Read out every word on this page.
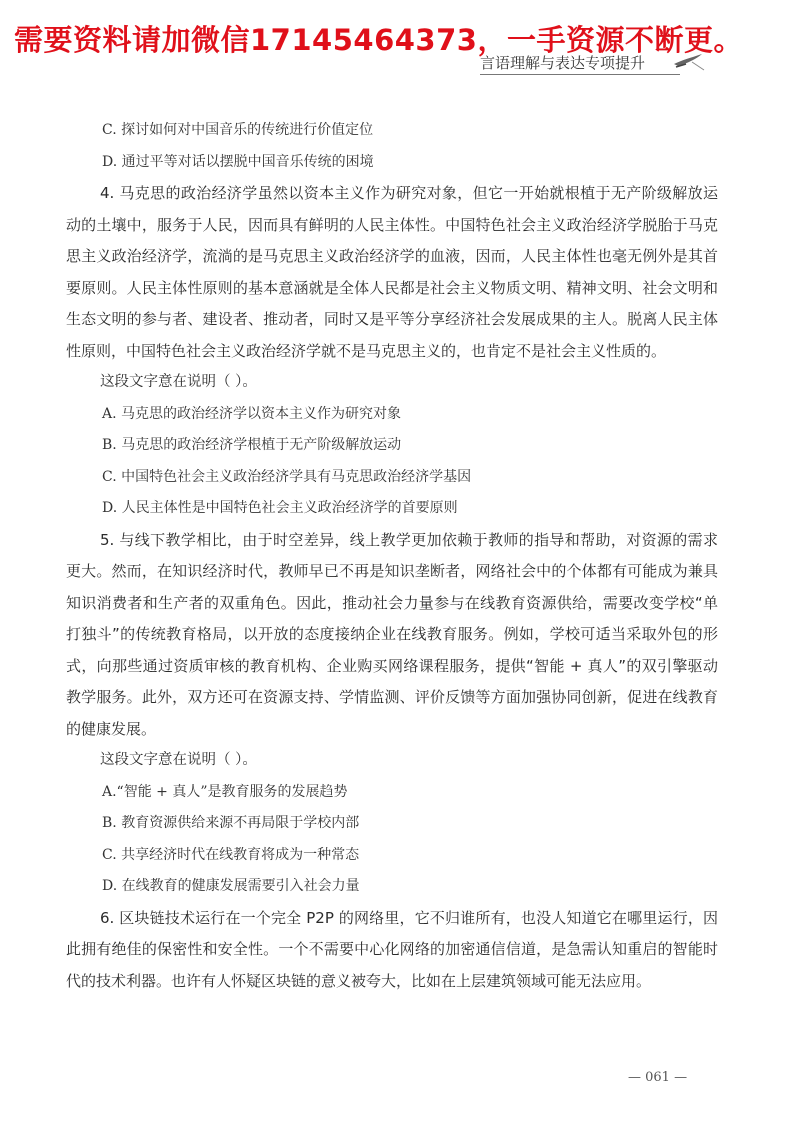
需要资料请加微信17145464373，一手资源不断更。
言语理解与表达专项提升
C. 探讨如何对中国音乐的传统进行价值定位
D. 通过平等对话以摆脱中国音乐传统的困境

4. 马克思的政治经济学虽然以资本主义作为研究对象，但它一开始就根植于无产阶级解放运动的土壤中，服务于人民，因而具有鲜明的人民主体性。中国特色社会主义政治经济学脱胎于马克思主义政治经济学，流淌的是马克思主义政治经济学的血液，因而，人民主体性也毫无例外是其首要原则。人民主体性原则的基本意涵就是全体人民都是社会主义物质文明、精神文明、社会文明和生态文明的参与者、建设者、推动者，同时又是平等分享经济社会发展成果的主人。脱离人民主体性原则，中国特色社会主义政治经济学就不是马克思主义的，也肯定不是社会主义性质的。

这段文字意在说明（ ）。
A. 马克思的政治经济学以资本主义作为研究对象
B. 马克思的政治经济学根植于无产阶级解放运动
C. 中国特色社会主义政治经济学具有马克思政治经济学基因
D. 人民主体性是中国特色社会主义政治经济学的首要原则

5. 与线下教学相比，由于时空差异，线上教学更加依赖于教师的指导和帮助，对资源的需求更大。然而，在知识经济时代，教师早已不再是知识垄断者，网络社会中的个体都有可能成为兼具知识消费者和生产者的双重角色。因此，推动社会力量参与在线教育资源供给，需要改变学校“单打独斗”的传统教育格局，以开放的态度接纳企业在线教育服务。例如，学校可适当采取外包的形式，向那些通过资质审核的教育机构、企业购买网络课程服务，提供“智能 + 真人”的双引擎驱动教学服务。此外，双方还可在资源支持、学情监测、评价反馈等方面加强协同创新，促进在线教育的健康发展。

这段文字意在说明（ ）。
A.“智能 + 真人”是教育服务的发展趋势
B. 教育资源供给来源不再局限于学校内部
C. 共享经济时代在线教育将成为一种常态
D. 在线教育的健康发展需要引入社会力量

6. 区块链技术运行在一个完全 P2P 的网络里，它不归谁所有，也没人知道它在哪里运行，因此拥有绝佳的保密性和安全性。一个不需要中心化网络的加密通信信道，是急需认知重启的智能时代的技术利器。也许有人怀疑区块链的意义被夸大，比如在上层建筑领域可能无法应用。

— 061 —
